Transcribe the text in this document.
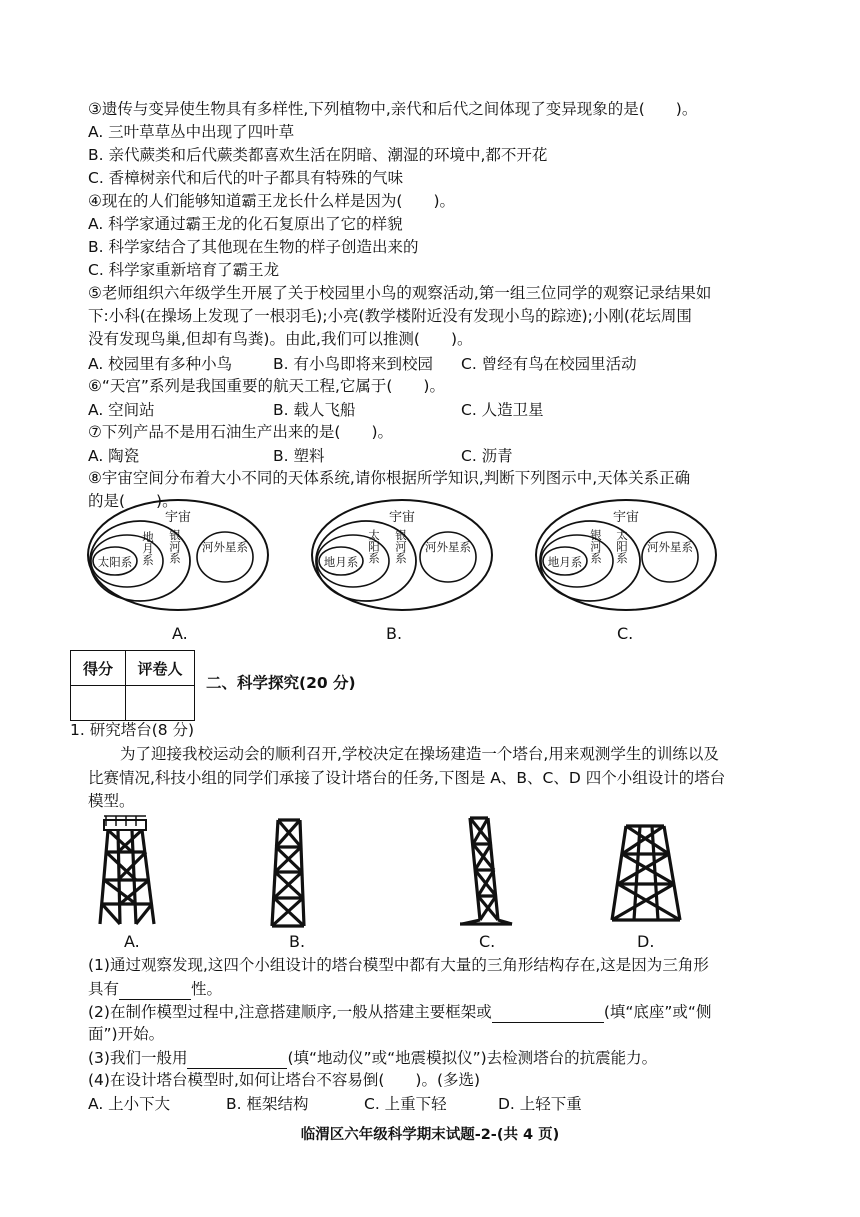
③遗传与变异使生物具有多样性,下列植物中,亲代和后代之间体现了变异现象的是(　　)。
A. 三叶草草丛中出现了四叶草
B. 亲代蕨类和后代蕨类都喜欢生活在阴暗、潮湿的环境中,都不开花
C. 香樟树亲代和后代的叶子都具有特殊的气味
④现在的人们能够知道霸王龙长什么样是因为(　　)。
A. 科学家通过霸王龙的化石复原出了它的样貌
B. 科学家结合了其他现在生物的样子创造出来的
C. 科学家重新培育了霸王龙
⑤老师组织六年级学生开展了关于校园里小鸟的观察活动,第一组三位同学的观察记录结果如
下:小科(在操场上发现了一根羽毛);小亮(教学楼附近没有发现小鸟的踪迹);小刚(花坛周围
没有发现鸟巢,但却有鸟粪)。由此,我们可以推测(　　)。
A. 校园里有多种小鸟	B. 有小鸟即将来到校园 C. 曾经有鸟在校园里活动
⑥“天宫”系列是我国重要的航天工程,它属于(　　)。
A. 空间站	B. 载人飞船	C. 人造卫星
⑦下列产品不是用石油生产出来的是(　　)。
A. 陶瓷	B. 塑料	C. 沥青
⑧宇宙空间分布着大小不同的天体系统,请你根据所学知识,判断下列图示中,天体关系正确
的是(　　)。
宇宙
太阳系 地月系 银河系 河外星系
宇宙
地月系 太阳系 银河系 河外星系
宇宙
地月系 银河系 太阳系 河外星系
A.	B.	C.
得分	评卷人

二、科学探究(20 分)
1. 研究塔台(8 分)
为了迎接我校运动会的顺利召开,学校决定在操场建造一个塔台,用来观测学生的训练以及
比赛情况,科技小组的同学们承接了设计塔台的任务,下图是 A、B、C、D 四个小组设计的塔台
模型。
A.	B.	C.	D.
(1)通过观察发现,这四个小组设计的塔台模型中都有大量的三角形结构存在,这是因为三角形
具有	性。
(2)在制作模型过程中,注意搭建顺序,一般从搭建主要框架或	(填“底座”或“侧
面”)开始。
(3)我们一般用	(填“地动仪”或“地震模拟仪”)去检测塔台的抗震能力。
(4)在设计塔台模型时,如何让塔台不容易倒(　　)。(多选)
A. 上小下大	B. 框架结构	C. 上重下轻	D. 上轻下重
临渭区六年级科学期末试题-2-(共 4 页)
